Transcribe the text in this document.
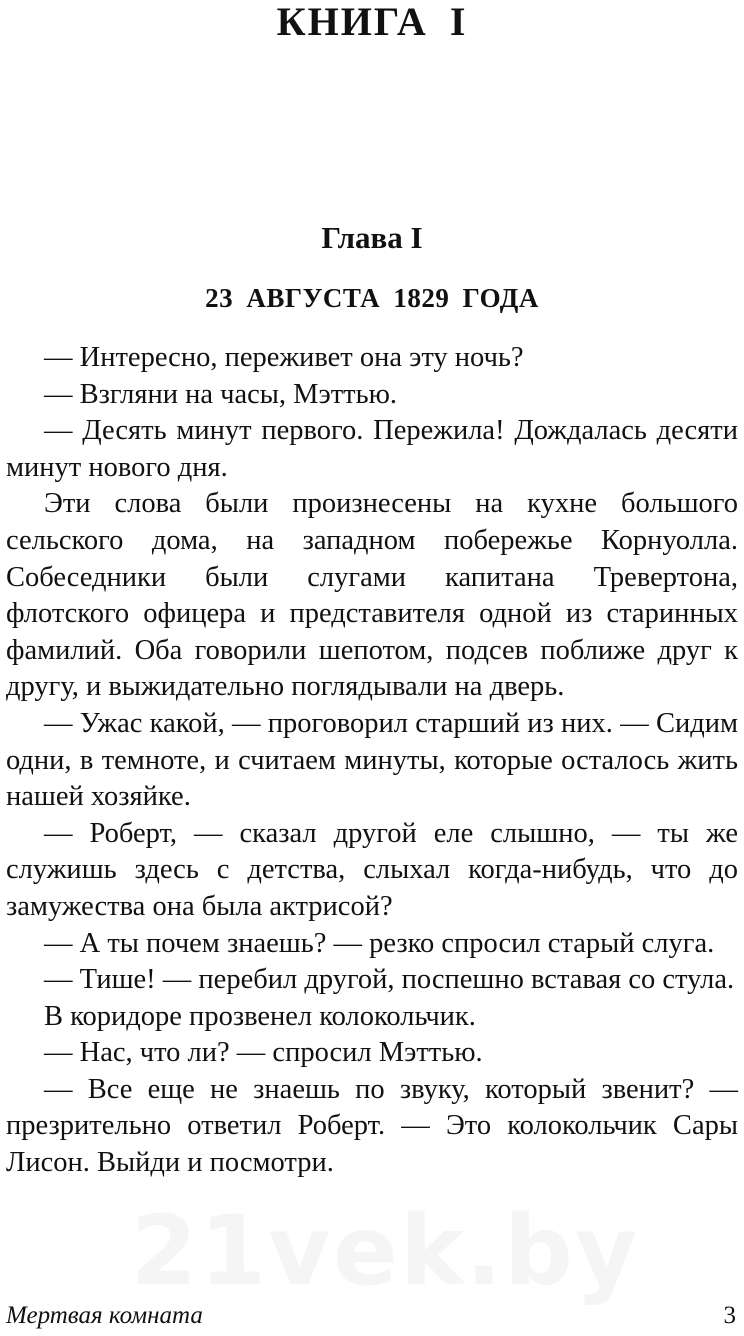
КНИГА I
Глава I
23 АВГУСТА 1829 ГОДА

— Интересно, переживет она эту ночь?

— Взгляни на часы, Мэттью.

— Десять минут первого. Пережила! Дождалась десяти минут нового дня.

Эти слова были произнесены на кухне большого сельского дома, на западном побережье Корнуолла. Собеседники были слугами капитана Тревертона, флотского офицера и представителя одной из старинных фамилий. Оба говорили шепотом, подсев поближе друг к другу, и выжидательно поглядывали на дверь.

— Ужас какой, — проговорил старший из них. — Сидим одни, в темноте, и считаем минуты, которые осталось жить нашей хозяйке.

— Роберт, — сказал другой еле слышно, — ты же служишь здесь с детства, слыхал когда-нибудь, что до замужества она была актрисой?

— А ты почем знаешь? — резко спросил старый слуга.

— Тише! — перебил другой, поспешно вставая со стула.

В коридоре прозвенел колокольчик.

— Нас, что ли? — спросил Мэттью.

— Все еще не знаешь по звуку, который звенит? — презрительно ответил Роберт. — Это колокольчик Сары Лисон. Выйди и посмотри.

21vek.by
Мертвая комната	3
